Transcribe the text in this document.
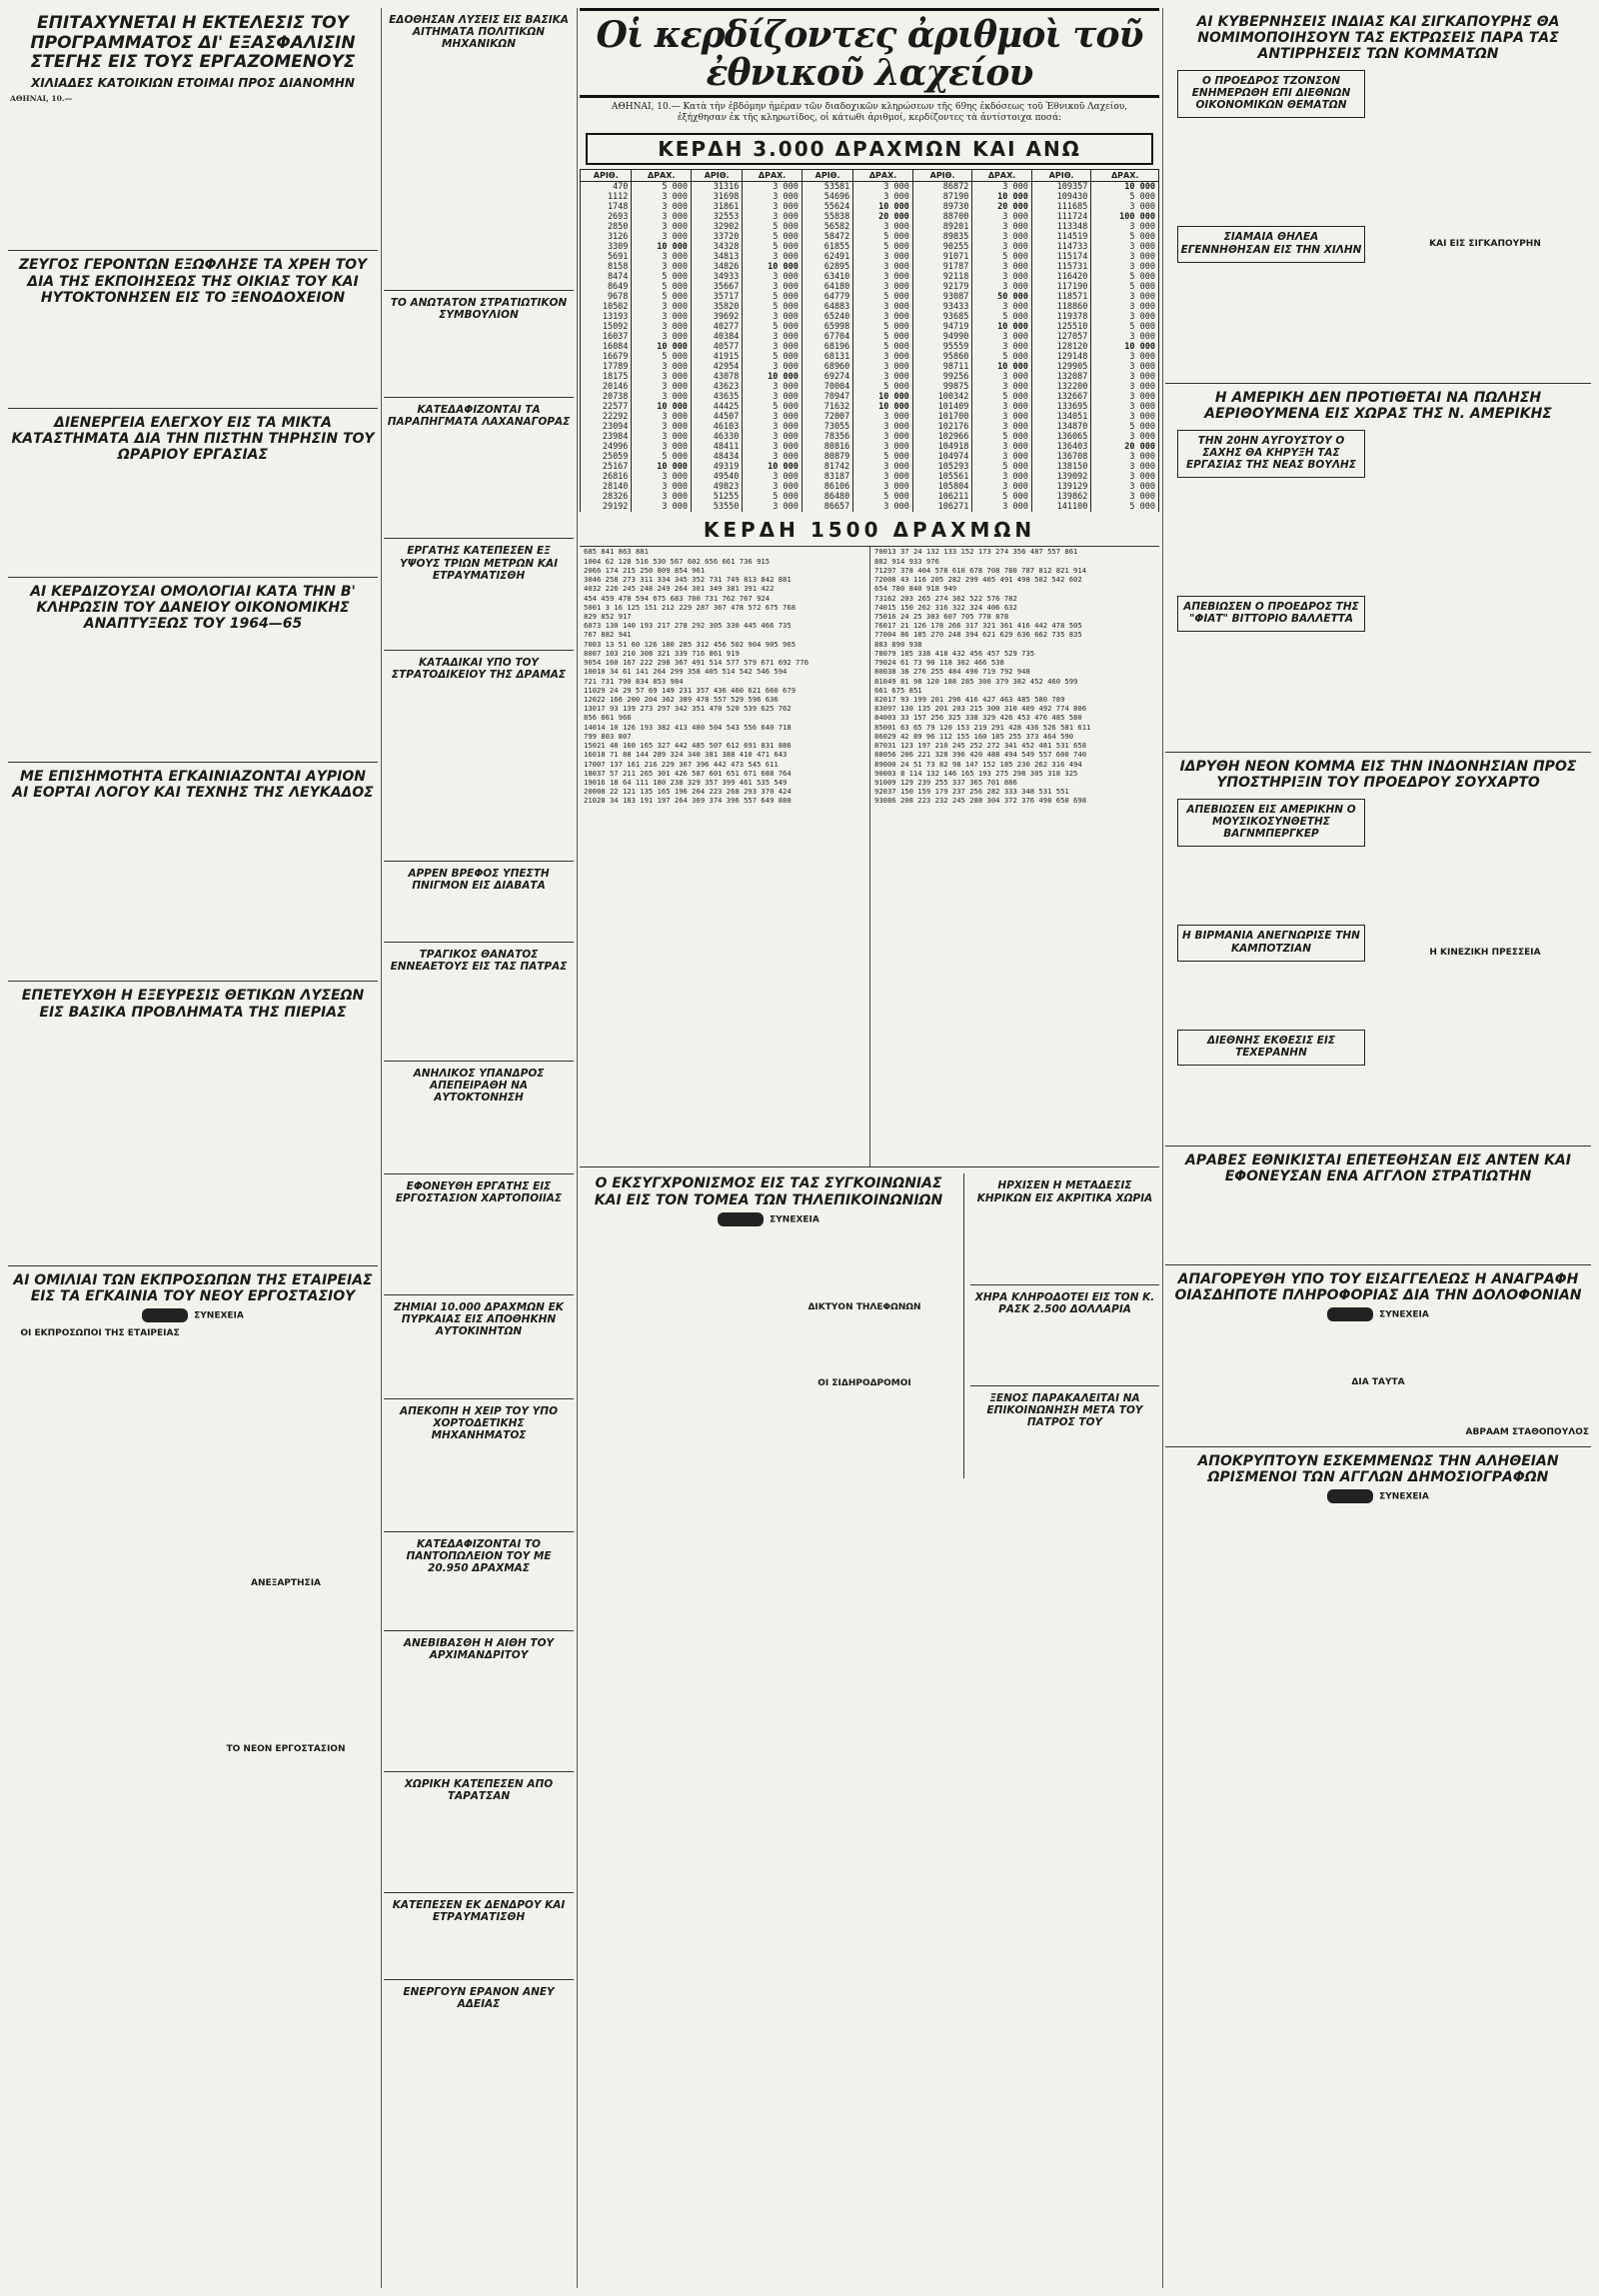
ΕΠΙΤΑΧΥΝΕΤΑΙ Η ΕΚΤΕΛΕΣΙΣ ΤΟΥ ΠΡΟΓΡΑΜΜΑΤΟΣ ΔΙ' ΕΞΑΣΦΑΛΙΣΙΝ ΣΤΕΓΗΣ ΕΙΣ ΤΟΥΣ ΕΡΓΑΖΟΜΕΝΟΥΣ
ΧΙΛΙΑΔΕΣ ΚΑΤΟΙΚΙΩΝ ΕΤΟΙΜΑΙ ΠΡΟΣ ΔΙΑΝΟΜΗΝ
ΑΘΗΝΑΙ, 10.—
ΖΕΥΓΟΣ ΓΕΡΟΝΤΩΝ ΕΞΩΦΛΗΣΕ ΤΑ ΧΡΕΗ ΤΟΥ ΔΙΑ ΤΗΣ ΕΚΠΟΙΗΣΕΩΣ ΤΗΣ ΟΙΚΙΑΣ ΤΟΥ ΚΑΙ ΗΥΤΟΚΤΟΝΗΣΕΝ ΕΙΣ ΤΟ ΞΕΝΟΔΟΧΕΙΟΝ
ΔΙΕΝΕΡΓΕΙΑ ΕΛΕΓΧΟΥ ΕΙΣ ΤΑ ΜΙΚΤΑ ΚΑΤΑΣΤΗΜΑΤΑ ΔΙΑ ΤΗΝ ΠΙΣΤΗΝ ΤΗΡΗΣΙΝ ΤΟΥ ΩΡΑΡΙΟΥ ΕΡΓΑΣΙΑΣ
ΑΙ ΚΕΡΔΙΖΟΥΣΑΙ ΟΜΟΛΟΓΙΑΙ ΚΑΤΑ ΤΗΝ Β' ΚΛΗΡΩΣΙΝ ΤΟΥ ΔΑΝΕΙΟΥ ΟΙΚΟΝΟΜΙΚΗΣ ΑΝΑΠΤΥΞΕΩΣ ΤΟΥ 1964—65
ΜΕ ΕΠΙΣΗΜΟΤΗΤΑ ΕΓΚΑΙΝΙΑΖΟΝΤΑΙ ΑΥΡΙΟΝ ΑΙ ΕΟΡΤΑΙ ΛΟΓΟΥ ΚΑΙ ΤΕΧΝΗΣ ΤΗΣ ΛΕΥΚΑΔΟΣ
ΕΠΕΤΕΥΧΘΗ Η ΕΞΕΥΡΕΣΙΣ ΘΕΤΙΚΩΝ ΛΥΣΕΩΝ ΕΙΣ ΒΑΣΙΚΑ ΠΡΟΒΛΗΜΑΤΑ ΤΗΣ ΠΙΕΡΙΑΣ
ΑΙ ΟΜΙΛΙΑΙ ΤΩΝ ΕΚΠΡΟΣΩΠΩΝ ΤΗΣ ΕΤΑΙΡΕΙΑΣ ΕΙΣ ΤΑ ΕΓΚΑΙΝΙΑ ΤΟΥ ΝΕΟΥ ΕΡΓΟΣΤΑΣΙΟΥ
ΣΥΝΕΧΕΙΑ
ΟΙ ΕΚΠΡΟΣΩΠΟΙ ΤΗΣ ΕΤΑΙΡΕΙΑΣ
ΑΝΕΞΑΡΤΗΣΙΑ
ΤΟ ΝΕΟΝ ΕΡΓΟΣΤΑΣΙΟΝ
ΕΔΟΘΗΣΑΝ ΛΥΣΕΙΣ ΕΙΣ ΒΑΣΙΚΑ ΑΙΤΗΜΑΤΑ ΠΟΛΙΤΙΚΩΝ ΜΗΧΑΝΙΚΩΝ
ΤΟ ΑΝΩΤΑΤΟΝ ΣΤΡΑΤΙΩΤΙΚΟΝ ΣΥΜΒΟΥΛΙΟΝ
ΚΑΤΕΔΑΦΙΖΟΝΤΑΙ ΤΑ ΠΑΡΑΠΗΓΜΑΤΑ ΛΑΧΑΝΑΓΟΡΑΣ
ΕΡΓΑΤΗΣ ΚΑΤΕΠΕΣΕΝ ΕΞ ΥΨΟΥΣ ΤΡΙΩΝ ΜΕΤΡΩΝ ΚΑΙ ΕΤΡΑΥΜΑΤΙΣΘΗ
ΚΑΤΑΔΙΚΑΙ ΥΠΟ ΤΟΥ ΣΤΡΑΤΟΔΙΚΕΙΟΥ ΤΗΣ ΔΡΑΜΑΣ
ΑΡΡΕΝ ΒΡΕΦΟΣ ΥΠΕΣΤΗ ΠΝΙΓΜΟΝ ΕΙΣ ΔΙΑΒΑΤΑ
ΤΡΑΓΙΚΟΣ ΘΑΝΑΤΟΣ ΕΝΝΕΑΕΤΟΥΣ ΕΙΣ ΤΑΣ ΠΑΤΡΑΣ
ΑΝΗΛΙΚΟΣ ΥΠΑΝΔΡΟΣ ΑΠΕΠΕΙΡΑΘΗ ΝΑ ΑΥΤΟΚΤΟΝΗΣΗ
ΕΦΟΝΕΥΘΗ ΕΡΓΑΤΗΣ ΕΙΣ ΕΡΓΟΣΤΑΣΙΟΝ ΧΑΡΤΟΠΟΙΙΑΣ
ΖΗΜΙΑΙ 10.000 ΔΡΑΧΜΩΝ ΕΚ ΠΥΡΚΑΙΑΣ ΕΙΣ ΑΠΟΘΗΚΗΝ ΑΥΤΟΚΙΝΗΤΩΝ
ΑΠΕΚΟΠΗ Η ΧΕΙΡ ΤΟΥ ΥΠΟ ΧΟΡΤΟΔΕΤΙΚΗΣ ΜΗΧΑΝΗΜΑΤΟΣ
ΚΑΤΕΔΑΦΙΖΟΝΤΑΙ ΤΟ ΠΑΝΤΟΠΩΛΕΙΟΝ ΤΟΥ ΜΕ 20.950 ΔΡΑΧΜΑΣ
ΑΝΕΒΙΒΑΣΘΗ Η ΑΙΘΗ ΤΟΥ ΑΡΧΙΜΑΝΔΡΙΤΟΥ
ΧΩΡΙΚΗ ΚΑΤΕΠΕΣΕΝ ΑΠΟ ΤΑΡΑΤΣΑΝ
ΚΑΤΕΠΕΣΕΝ ΕΚ ΔΕΝΔΡΟΥ ΚΑΙ ΕΤΡΑΥΜΑΤΙΣΘΗ
ΕΝΕΡΓΟΥΝ ΕΡΑΝΟΝ ΑΝΕΥ ΑΔΕΙΑΣ
Οἱ κερδίζοντες ἀριθμοὶ τοῦ ἐθνικοῦ λαχείου
ΑΘΗΝΑΙ, 10.— Κατὰ τὴν ἑβδόμην ἡμέραν τῶν διαδοχικῶν κληρώσεων τῆς 69ης ἐκδόσεως τοῦ Ἐθνικοῦ Λαχείου, ἐξήχθησαν ἐκ τῆς κληρωτίδος, οἱ κάτωθι ἀριθμοί, κερδίζοντες τὰ ἀντίστοιχα ποσά:
ΚΕΡΔΗ 3.000 ΔΡΑΧΜΩΝ ΚΑΙ ΑΝΩ
ΑΡΙΘ.	ΔΡΑΧ.	ΑΡΙΘ.	ΔΡΑΧ.	ΑΡΙΘ.	ΔΡΑΧ.	ΑΡΙΘ.	ΔΡΑΧ.	ΑΡΙΘ.	ΔΡΑΧ.
470	5 000	31316	3 000	53581	3 000	86872	3 000	109357	10 000
1112	3 000	31698	3 000	54696	3 000	87190	10 000	109430	5 000
1748	3 000	31861	3 000	55624	10 000	89730	20 000	111685	3 000
2693	3 000	32553	3 000	55838	20 000	88700	3 000	111724	100 000
2850	3 000	32902	5 000	56582	3 000	89201	3 000	113348	3 000
3126	3 000	33720	5 000	58472	5 000	89835	3 000	114519	5 000
3309	10 000	34328	5 000	61855	5 000	90255	3 000	114733	3 000
5691	3 000	34813	3 000	62491	3 000	91071	5 000	115174	3 000
8158	3 000	34826	10 000	62895	3 000	91787	3 000	115731	3 000
8474	5 000	34933	3 000	63410	3 000	92118	3 000	116420	5 000
8649	5 000	35667	3 000	64180	3 000	92179	3 000	117190	5 000
9678	5 000	35717	5 000	64779	5 000	93087	50 000	118571	3 000
10502	3 000	35820	5 000	64883	3 000	93433	3 000	118860	3 000
13193	3 000	39692	3 000	65240	3 000	93685	5 000	119378	3 000
15092	3 000	40277	5 000	65998	5 000	94719	10 000	125510	5 000
16037	3 000	40384	3 000	67704	5 000	94990	3 000	127057	3 000
16084	10 000	40577	3 000	68196	5 000	95559	3 000	128120	10 000
16679	5 000	41915	5 000	68131	3 000	95860	5 000	129148	3 000
17789	3 000	42954	3 000	68960	3 000	98711	10 000	129905	3 000
18175	3 000	43078	10 000	69274	3 000	99256	3 000	132087	3 000
20146	3 000	43623	3 000	70004	5 000	99875	3 000	132200	3 000
20738	3 000	43635	3 000	70947	10 000	100342	5 000	132667	3 000
22577	10 000	44425	5 000	71632	10 000	101409	3 000	133695	3 000
22292	3 000	44507	3 000	72007	3 000	101700	3 000	134051	3 000
23094	3 000	46103	3 000	73055	3 000	102176	3 000	134870	5 000
23984	3 000	46330	3 000	78356	3 000	102966	5 000	136065	3 000
24996	3 000	48411	3 000	80816	3 000	104918	3 000	136403	20 000
25059	5 000	48434	3 000	80879	5 000	104974	3 000	136708	3 000
25167	10 000	49319	10 000	81742	3 000	105293	5 000	138150	3 000
26816	3 000	49540	3 000	83187	3 000	105561	3 000	139092	3 000
28140	3 000	49823	3 000	86106	3 000	105804	3 000	139129	3 000
28326	3 000	51255	5 000	86480	5 000	106211	5 000	139862	3 000
29192	3 000	53550	3 000	86657	3 000	106271	3 000	141100	5 000
ΚΕΡΔΗ 1500 ΔΡΑΧΜΩΝ
685 841 863 881
1004 62 128 516 530 567 602 656 661 736 915
2066 174 215 250 809 854 961
3046 258 273 311 334 345 352 731 749 813 842 881
4032 226 245 248 249 264 301 349 381 391 422
454 459 478 594 675 683 700 731 762 767 924
5001 3 16 125 151 212 229 287 367 478 572 675 768
829 852 917
6073 130 140 193 217 278 292 305 330 445 466 735
767 882 941
7003 13 51 60 126 180 285 312 456 502 904 905 965
8007 103 210 308 321 339 716 861 919
9054 160 167 222 298 367 491 514 577 579 671 692 776
10010 34 61 141 264 299 358 405 514 542 546 594
721 731 790 834 853 984
11029 24 29 57 69 149 231 357 436 460 621 660 679
12022 166 200 204 362 389 478 557 529 596 636
13017 93 139 273 297 342 351 470 520 539 625 762
856 861 966
14014 10 126 193 382 413 480 504 543 556 640 718
799 803 807
15021 48 160 165 327 442 485 507 612 691 831 886
16018 71 88 144 289 324 340 381 388 410 471 643
17007 137 161 216 229 367 396 442 473 545 611
18037 57 211 265 301 426 587 601 651 671 688 764
19016 18 64 111 180 238 329 357 399 461 535 549
20008 22 121 135 165 196 204 223 268 293 370 424
21028 34 183 191 197 264 369 374 396 557 649 880
70013 37 24 132 133 152 173 274 356 487 557 861
882 914 933 976
71297 378 404 578 610 678 708 780 787 812 821 914
72008 43 116 205 282 299 405 491 498 502 542 602
654 780 840 918 949
73162 203 265 274 362 522 576 782
74015 150 262 316 322 324 406 632
75016 24 25 303 607 705 778 878
76017 21 126 178 266 317 321 361 416 442 478 505
77004 86 185 270 248 394 621 629 636 662 735 835
883 890 938
78079 185 338 418 432 456 457 529 735
79024 61 73 90 118 302 466 538
80038 38 276 255 484 490 719 792 948
81049 81 98 120 188 285 300 379 382 452 460 599
661 675 851
82017 93 199 201 296 416 427 463 485 580 789
83097 130 135 201 203 215 300 310 409 492 774 806
84003 33 157 256 325 338 329 426 453 476 485 580
85001 63 65 79 120 153 219 291 428 436 526 581 611
86029 42 89 96 112 155 160 185 255 373 464 590
87031 123 197 210 245 252 272 341 452 481 531 658
88056 206 221 328 396 420 488 494 549 557 600 740
89000 24 51 73 82 98 147 152 185 230 262 316 494
90003 8 114 132 146 165 193 275 298 305 318 325
91009 129 239 255 337 365 701 886
92037 150 159 179 237 256 282 333 348 531 551
93086 208 223 232 245 288 304 372 376 498 650 698
Ο ΕΚΣΥΓΧΡΟΝΙΣΜΟΣ ΕΙΣ ΤΑΣ ΣΥΓΚΟΙΝΩΝΙΑΣ ΚΑΙ ΕΙΣ ΤΟΝ ΤΟΜΕΑ ΤΩΝ ΤΗΛΕΠΙΚΟΙΝΩΝΙΩΝ
ΣΥΝΕΧΕΙΑ
ΔΙΚΤΥΟΝ ΤΗΛΕΦΩΝΩΝ
ΟΙ ΣΙΔΗΡΟΔΡΟΜΟΙ
ΗΡΧΙΣΕΝ Η ΜΕΤΑΔΕΣΙΣ ΚΗΡΙΚΩΝ ΕΙΣ ΑΚΡΙΤΙΚΑ ΧΩΡΙΑ
ΧΗΡΑ ΚΛΗΡΟΔΟΤΕΙ ΕΙΣ ΤΟΝ Κ. ΡΑΣΚ 2.500 ΔΟΛΛΑΡΙΑ
ΞΕΝΟΣ ΠΑΡΑΚΑΛΕΙΤΑΙ ΝΑ ΕΠΙΚΟΙΝΩΝΗΣΗ ΜΕΤΑ ΤΟΥ ΠΑΤΡΟΣ ΤΟΥ
ΑΙ ΚΥΒΕΡΝΗΣΕΙΣ ΙΝΔΙΑΣ ΚΑΙ ΣΙΓΚΑΠΟΥΡΗΣ ΘΑ ΝΟΜΙΜΟΠΟΙΗΣΟΥΝ ΤΑΣ ΕΚΤΡΩΣΕΙΣ ΠΑΡΑ ΤΑΣ ΑΝΤΙΡΡΗΣΕΙΣ ΤΩΝ ΚΟΜΜΑΤΩΝ
Ο ΠΡΟΕΔΡΟΣ ΤΖΟΝΣΟΝ ΕΝΗΜΕΡΩΘΗ ΕΠΙ ΔΙΕΘΝΩΝ ΟΙΚΟΝΟΜΙΚΩΝ ΘΕΜΑΤΩΝ
ΣΙΑΜΑΙΑ ΘΗΛΕΑ ΕΓΕΝΝΗΘΗΣΑΝ ΕΙΣ ΤΗΝ ΧΙΛΗΝ	ΚΑΙ ΕΙΣ ΣΙΓΚΑΠΟΥΡΗΝ
Η ΑΜΕΡΙΚΗ ΔΕΝ ΠΡΟΤΙΘΕΤΑΙ ΝΑ ΠΩΛΗΣΗ ΑΕΡΙΘΟΥΜΕΝΑ ΕΙΣ ΧΩΡΑΣ ΤΗΣ Ν. ΑΜΕΡΙΚΗΣ
ΤΗΝ 20ΗΝ ΑΥΓΟΥΣΤΟΥ Ο ΣΑΧΗΣ ΘΑ ΚΗΡΥΞΗ ΤΑΣ ΕΡΓΑΣΙΑΣ ΤΗΣ ΝΕΑΣ ΒΟΥΛΗΣ
ΑΠΕΒΙΩΣΕΝ Ο ΠΡΟΕΔΡΟΣ ΤΗΣ "ΦΙΑΤ" ΒΙΤΤΟΡΙΟ ΒΑΛΛΕΤΤΑ
ΙΔΡΥΘΗ ΝΕΟΝ ΚΟΜΜΑ ΕΙΣ ΤΗΝ ΙΝΔΟΝΗΣΙΑΝ ΠΡΟΣ ΥΠΟΣΤΗΡΙΞΙΝ ΤΟΥ ΠΡΟΕΔΡΟΥ ΣΟΥΧΑΡΤΟ
ΑΠΕΒΙΩΣΕΝ ΕΙΣ ΑΜΕΡΙΚΗΝ Ο ΜΟΥΣΙΚΟΣΥΝΘΕΤΗΣ ΒΑΓΝΜΠΕΡΓΚΕΡ
Η ΒΙΡΜΑΝΙΑ ΑΝΕΓΝΩΡΙΣΕ ΤΗΝ ΚΑΜΠΟΤΖΙΑΝ
ΔΙΕΘΝΗΣ ΕΚΘΕΣΙΣ ΕΙΣ ΤΕΧΕΡΑΝΗΝ
Η ΚΙΝΕΖΙΚΗ ΠΡΕΣΣΕΙΑ
ΑΡΑΒΕΣ ΕΘΝΙΚΙΣΤΑΙ ΕΠΕΤΕΘΗΣΑΝ ΕΙΣ ΑΝΤΕΝ ΚΑΙ ΕΦΟΝΕΥΣΑΝ ΕΝΑ ΑΓΓΛΟΝ ΣΤΡΑΤΙΩΤΗΝ
ΑΠΑΓΟΡΕΥΘΗ ΥΠΟ ΤΟΥ ΕΙΣΑΓΓΕΛΕΩΣ Η ΑΝΑΓΡΑΦΗ ΟΙΑΣΔΗΠΟΤΕ ΠΛΗΡΟΦΟΡΙΑΣ ΔΙΑ ΤΗΝ ΔΟΛΟΦΟΝΙΑΝ
ΣΥΝΕΧΕΙΑ
ΔΙΑ ΤΑΥΤΑ
ΑΒΡΑΑΜ ΣΤΑΘΟΠΟΥΛΟΣ
ΑΠΟΚΡΥΠΤΟΥΝ ΕΣΚΕΜΜΕΝΩΣ ΤΗΝ ΑΛΗΘΕΙΑΝ ΩΡΙΣΜΕΝΟΙ ΤΩΝ ΑΓΓΛΩΝ ΔΗΜΟΣΙΟΓΡΑΦΩΝ
ΣΥΝΕΧΕΙΑ
